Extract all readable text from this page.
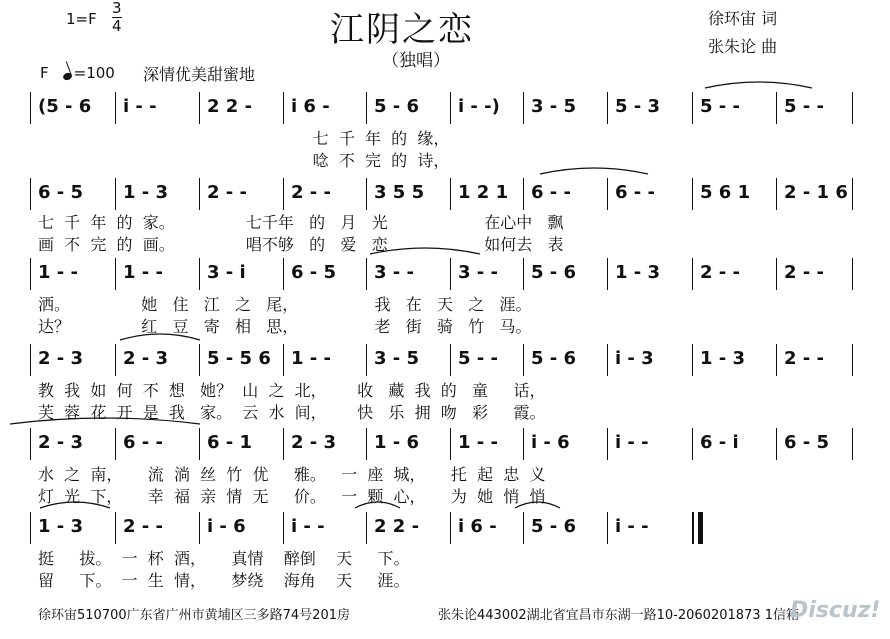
江阴之恋
（独唱）
1=F
3
4	徐环宙 词
张朱论 曲
F =100 深情优美甜蜜地
(5 - 6 i - -	2 2 - i 6 - 5 - 6 i - -) 3 - 5 5 - 3 5 - - 5 - -
七  千  年  的  缘，
唸  不  完  的  诗，
6 - 5 1 - 3 2 - - 2 - - 3 5 5 1 2 1 6 - - 6 - -	5 6 1 2 - 1 6
七  千  年  的  家。              七千年   的   月   光                   在心中   飘
画  不  完  的  画。              唱不够   的   爱   恋                   如何去   表
1 - -	1 - - 3 - i	6 - 5 3 - - 3 - - 5 - 6 1 - 3 2 - - 2 - -
洒。              她   住   江   之   尾，               我   在   天   之   涯。
达？              红   豆   寄   相   思，               老   街   骑   竹   马。
2 - 3 2 - 3 5 - 5 6 1 - - 3 - 5 5 - - 5 - 6 i - 3	1 - 3 2 - -
教  我  如  何  不  想   她？  山  之  北，      收   藏  我  的   童     话，
芙  蓉  花  开  是  我   家。  云  水  间，      快   乐  拥  吻   彩     霞。
2 - 3 6 - - 6 - 1 2 - 3 1 - 6 1 - - i - 6	i - -	6 - i	6 - 5
水  之  南，     流  淌  丝  竹  优     雅。   一  座  城，     托  起  忠  义
灯  光  下，     幸  福  亲  情  无     价。   一  颗  心，     为  她  悄  悄
1 - 3 2 - - i - 6	i - -	2 2 - i 6 - 5 - 6 i - -
挺     拔。  一  杯  酒，     真情    醉倒    天     下。
留     下。  一  生  情，     梦绕    海角    天     涯。
徐环宙510700广东省广州市黄埔区三多路74号201房	张朱论443002湖北省宜昌市东湖一路10-2060201873 1信箱
Discuz!
